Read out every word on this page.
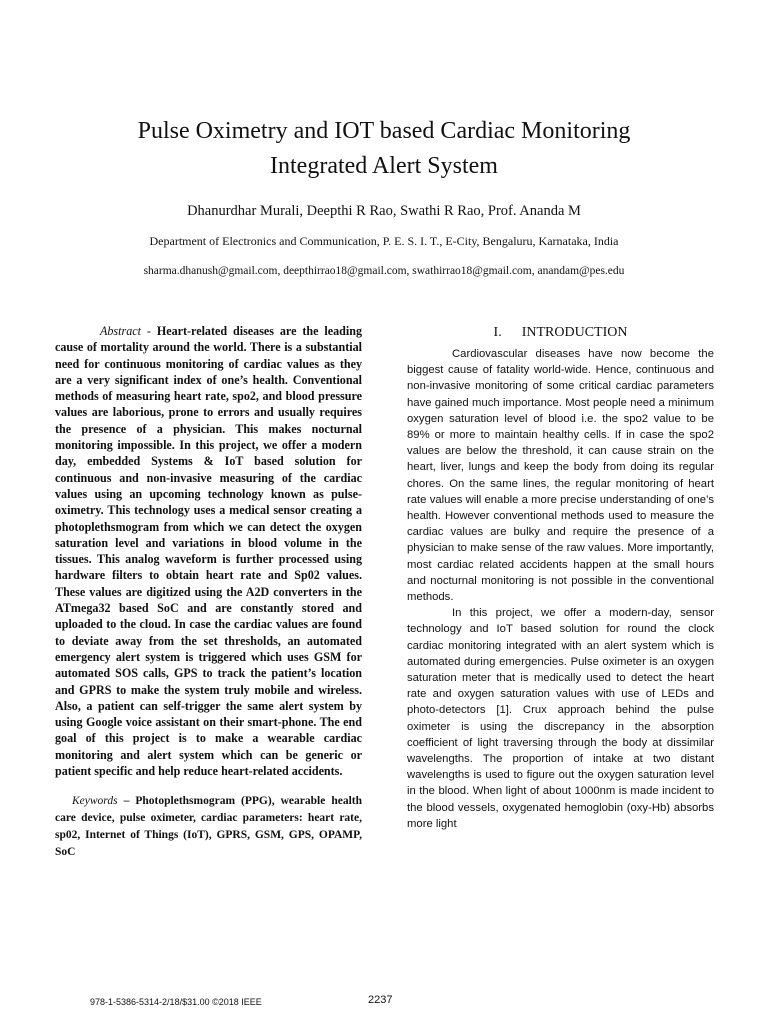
Pulse Oximetry and IOT based Cardiac Monitoring
Integrated Alert System
Dhanurdhar Murali, Deepthi R Rao, Swathi R Rao, Prof. Ananda M
Department of Electronics and Communication, P. E. S. I. T., E-City, Bengaluru, Karnataka, India
sharma.dhanush@gmail.com, deepthirrao18@gmail.com, swathirrao18@gmail.com, anandam@pes.edu

Abstract - Heart-related diseases are the leading cause of mortality around the world. There is a substantial need for continuous monitoring of cardiac values as they are a very significant index of one’s health. Conventional methods of measuring heart rate, spo2, and blood pressure values are laborious, prone to errors and usually requires the presence of a physician. This makes nocturnal monitoring impossible. In this project, we offer a modern day, embedded Systems & IoT based solution for continuous and non-invasive measuring of the cardiac values using an upcoming technology known as pulse-oximetry. This technology uses a medical sensor creating a photoplethsmogram from which we can detect the oxygen saturation level and variations in blood volume in the tissues. This analog waveform is further processed using hardware filters to obtain heart rate and Sp02 values. These values are digitized using the A2D converters in the ATmega32 based SoC and are constantly stored and uploaded to the cloud. In case the cardiac values are found to deviate away from the set thresholds, an automated emergency alert system is triggered which uses GSM for automated SOS calls, GPS to track the patient’s location and GPRS to make the system truly mobile and wireless. Also, a patient can self-trigger the same alert system by using Google voice assistant on their smart-phone. The end goal of this project is to make a wearable cardiac monitoring and alert system which can be generic or patient specific and help reduce heart-related accidents.

Keywords – Photoplethsmogram (PPG), wearable health care device, pulse oximeter, cardiac parameters: heart rate, sp02, Internet of Things (IoT), GPRS, GSM, GPS, OPAMP, SoC

I. INTRODUCTION

Cardiovascular diseases have now become the biggest cause of fatality world-wide. Hence, continuous and non-invasive monitoring of some critical cardiac parameters have gained much importance. Most people need a minimum oxygen saturation level of blood i.e. the spo2 value to be 89% or more to maintain healthy cells. If in case the spo2 values are below the threshold, it can cause strain on the heart, liver, lungs and keep the body from doing its regular chores. On the same lines, the regular monitoring of heart rate values will enable a more precise understanding of one’s health. However conventional methods used to measure the cardiac values are bulky and require the presence of a physician to make sense of the raw values. More importantly, most cardiac related accidents happen at the small hours and nocturnal monitoring is not possible in the conventional methods.

In this project, we offer a modern-day, sensor technology and IoT based solution for round the clock cardiac monitoring integrated with an alert system which is automated during emergencies. Pulse oximeter is an oxygen saturation meter that is medically used to detect the heart rate and oxygen saturation values with use of LEDs and photo-detectors [1]. Crux approach behind the pulse oximeter is using the discrepancy in the absorption coefficient of light traversing through the body at dissimilar wavelengths. The proportion of intake at two distant wavelengths is used to figure out the oxygen saturation level in the blood. When light of about 1000nm is made incident to the blood vessels, oxygenated hemoglobin (oxy-Hb) absorbs more light

978-1-5386-5314-2/18/$31.00 ©2018 IEEE	2237
